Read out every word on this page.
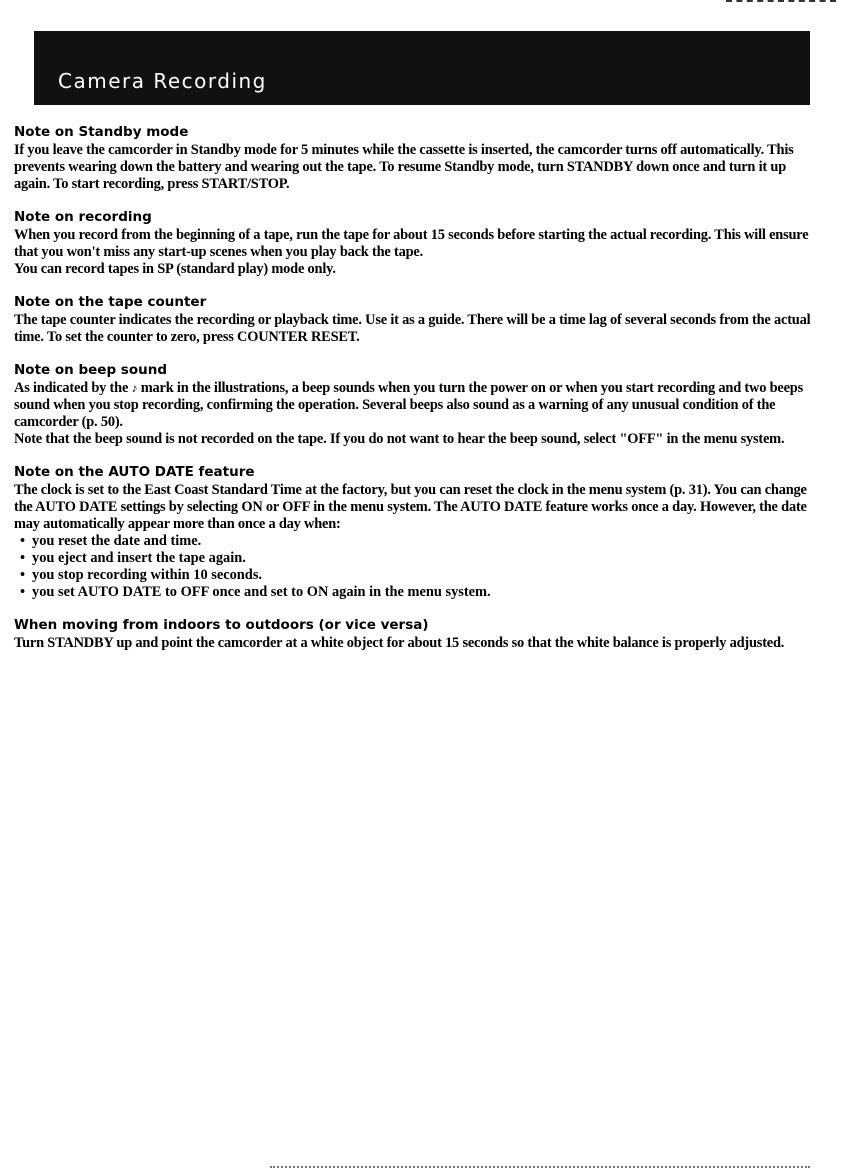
Camera Recording
Note on Standby mode

If you leave the camcorder in Standby mode for 5 minutes while the cassette is inserted, the camcorder turns off automatically. This prevents wearing down the battery and wearing out the tape. To resume Standby mode, turn STANDBY down once and turn it up again. To start recording, press START/STOP.

Note on recording

When you record from the beginning of a tape, run the tape for about 15 seconds before starting the actual recording. This will ensure that you won't miss any start-up scenes when you play back the tape.

You can record tapes in SP (standard play) mode only.

Note on the tape counter

The tape counter indicates the recording or playback time. Use it as a guide. There will be a time lag of several seconds from the actual time. To set the counter to zero, press COUNTER RESET.

Note on beep sound

As indicated by the ♪ mark in the illustrations, a beep sounds when you turn the power on or when you start recording and two beeps sound when you stop recording, confirming the operation. Several beeps also sound as a warning of any unusual condition of the camcorder (p. 50).

Note that the beep sound is not recorded on the tape. If you do not want to hear the beep sound, select "OFF" in the menu system.

Note on the AUTO DATE feature

The clock is set to the East Coast Standard Time at the factory, but you can reset the clock in the menu system (p. 31). You can change the AUTO DATE settings by selecting ON or OFF in the menu system. The AUTO DATE feature works once a day. However, the date may automatically appear more than once a day when:

• you reset the date and time.
• you eject and insert the tape again.
• you stop recording within 10 seconds.
• you set AUTO DATE to OFF once and set to ON again in the menu system.
When moving from indoors to outdoors (or vice versa)

Turn STANDBY up and point the camcorder at a white object for about 15 seconds so that the white balance is properly adjusted.
